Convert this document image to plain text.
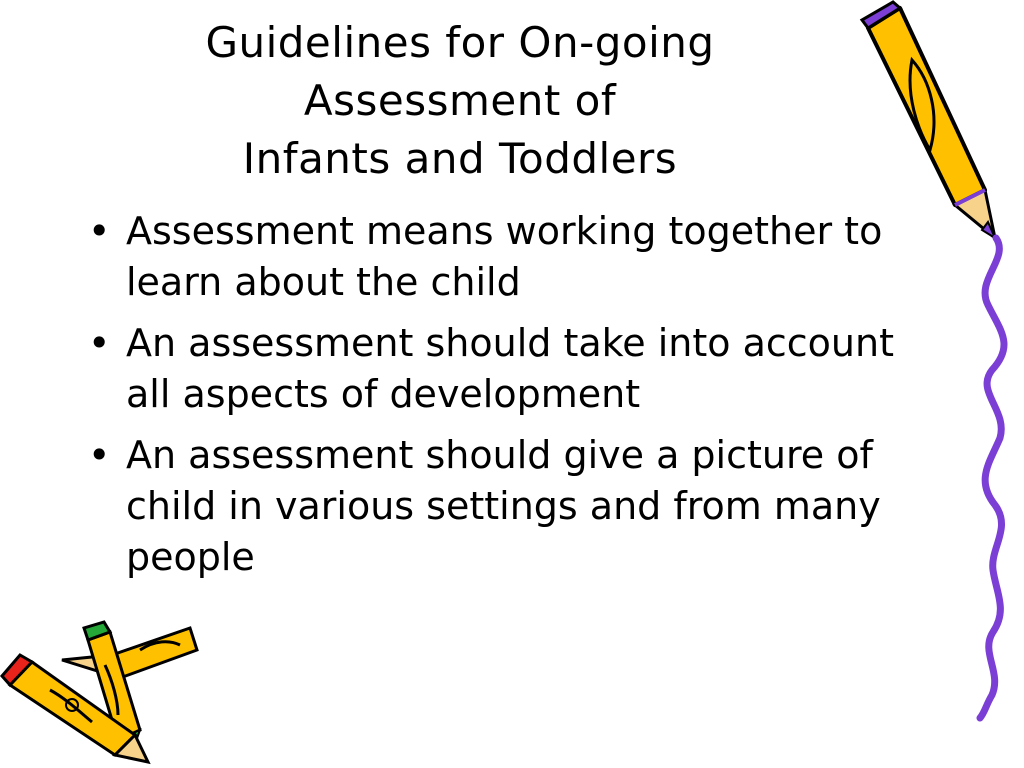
Guidelines for On-going
Assessment of
Infants and Toddlers
• Assessment means working together to learn about the child
• An assessment should take into account all aspects of development
• An assessment should give a picture of child in various settings and from many people
